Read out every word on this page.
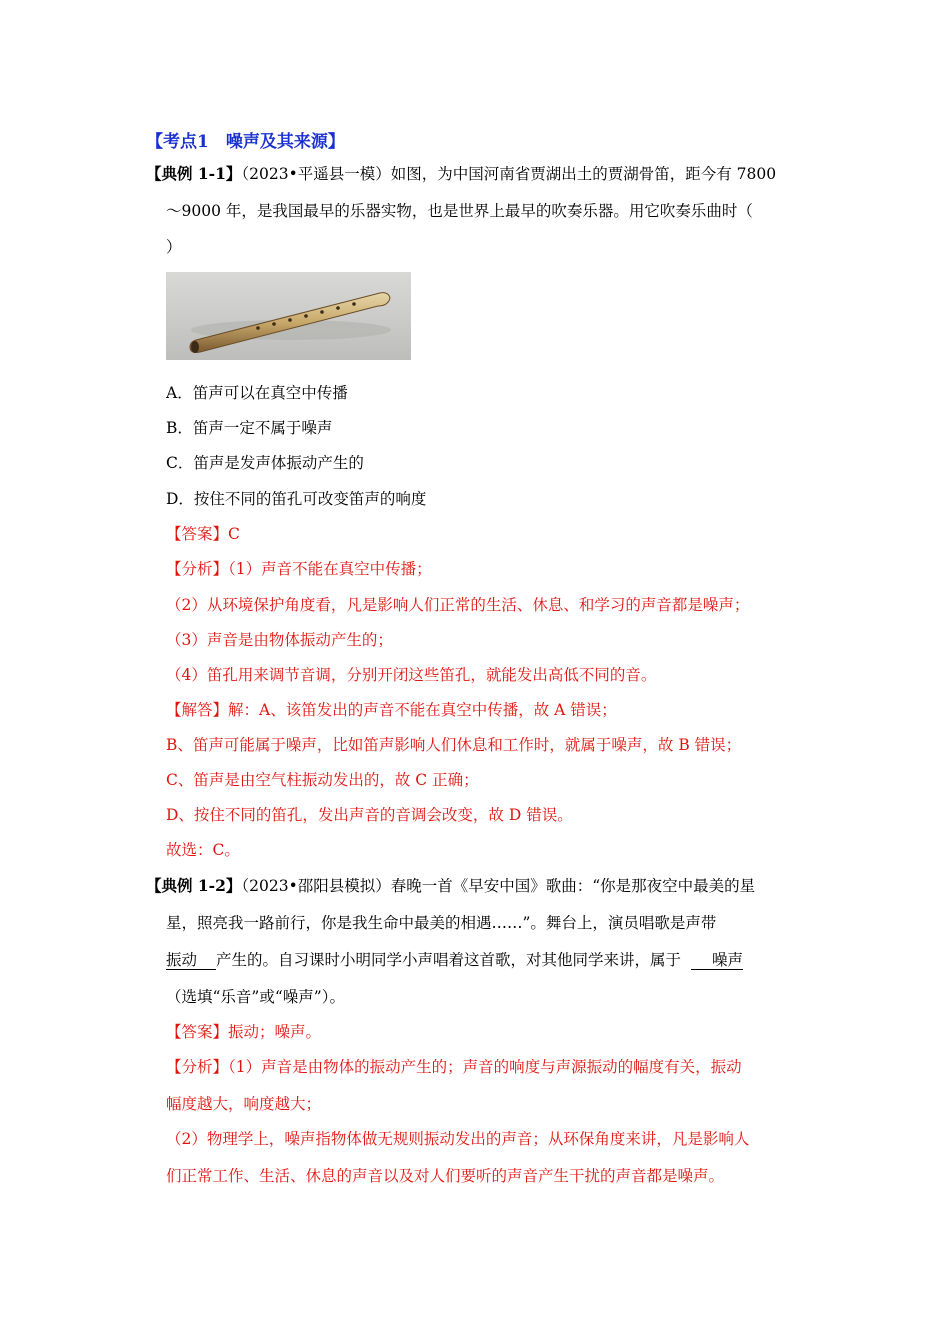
【考点1　噪声及其来源】
【典例 1-1】（2023•平遥县一模）如图，为中国河南省贾湖出土的贾湖骨笛，距今有 7800
～9000 年，是我国最早的乐器实物，也是世界上最早的吹奏乐器。用它吹奏乐曲时（
）
A．笛声可以在真空中传播
B．笛声一定不属于噪声
C．笛声是发声体振动产生的
D．按住不同的笛孔可改变笛声的响度
【答案】C
【分析】（1）声音不能在真空中传播；
（2）从环境保护角度看，凡是影响人们正常的生活、休息、和学习的声音都是噪声；
（3）声音是由物体振动产生的；
（4）笛孔用来调节音调，分别开闭这些笛孔，就能发出高低不同的音。
【解答】解：A、该笛发出的声音不能在真空中传播，故 A 错误；
B、笛声可能属于噪声，比如笛声影响人们休息和工作时，就属于噪声，故 B 错误；
C、笛声是由空气柱振动发出的，故 C 正确；
D、按住不同的笛孔，发出声音的音调会改变，故 D 错误。
故选：C。
【典例 1-2】（2023•邵阳县模拟）春晚一首《早安中国》歌曲：“你是那夜空中最美的星
星，照亮我一路前行，你是我生命中最美的相遇……”。舞台上，演员唱歌是声带
振动 产生的。自习课时小明同学小声唱着这首歌，对其他同学来讲，属于 噪声
（选填“乐音”或“噪声”）。
【答案】振动；噪声。
【分析】（1）声音是由物体的振动产生的；声音的响度与声源振动的幅度有关，振动
幅度越大，响度越大；
（2）物理学上，噪声指物体做无规则振动发出的声音；从环保角度来讲，凡是影响人
们正常工作、生活、休息的声音以及对人们要听的声音产生干扰的声音都是噪声。
